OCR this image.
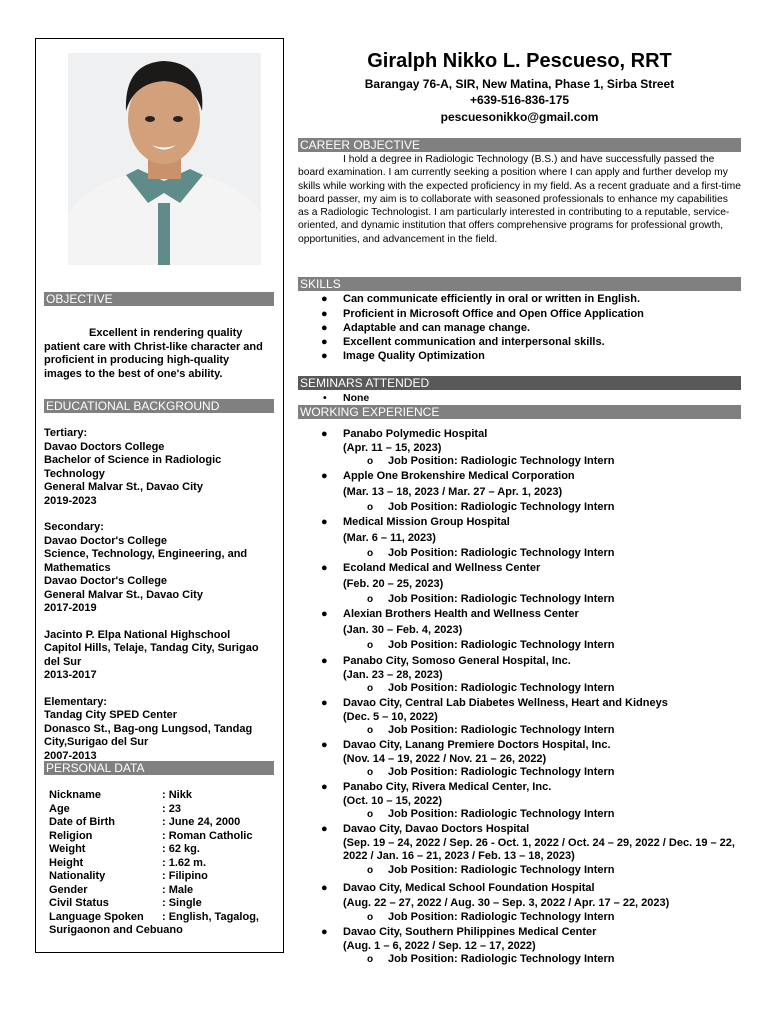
OBJECTIVE
Excellent in rendering quality patient care with Christ-like character and proficient in producing high-quality images to the best of one's ability.
EDUCATIONAL BACKGROUND
Tertiary:
Davao Doctors College
Bachelor of Science in Radiologic Technology
General Malvar St., Davao City
2019-2023
Secondary:
Davao Doctor's College
Science, Technology, Engineering, and Mathematics
Davao Doctor's College
General Malvar St., Davao City
2017-2019
Jacinto P. Elpa National Highschool
Capitol Hills, Telaje, Tandag City, Surigao del Sur
2013-2017
Elementary:
Tandag City SPED Center
Donasco St., Bag-ong Lungsod, Tandag City,Surigao del Sur
2007-2013
PERSONAL DATA
Nickname	: Nikk
Age	: 23
Date of Birth	: June 24, 2000
Religion	: Roman Catholic
Weight	: 62 kg.
Height	: 1.62 m.
Nationality	: Filipino
Gender	: Male
Civil Status	: Single
Language Spoken	: English, Tagalog,
Surigaonon and Cebuano
Giralph Nikko L. Pescueso, RRT
Barangay 76-A, SIR, New Matina, Phase 1, Sirba Street
+639-516-836-175
pescuesonikko@gmail.com
CAREER OBJECTIVE
I hold a degree in Radiologic Technology (B.S.) and have successfully passed the board examination. I am currently seeking a position where I can apply and further develop my skills while working with the expected proficiency in my field. As a recent graduate and a first-time board passer, my aim is to collaborate with seasoned professionals to enhance my capabilities as a Radiologic Technologist. I am particularly interested in contributing to a reputable, service-oriented, and dynamic institution that offers comprehensive programs for professional growth, opportunities, and advancement in the field.
SKILLS
● Can communicate efficiently in oral or written in English.
● Proficient in Microsoft Office and Open Office Application
● Adaptable and can manage change.
● Excellent communication and interpersonal skills.
● Image Quality Optimization
SEMINARS ATTENDED
• None
WORKING EXPERIENCE
● Panabo Polymedic Hospital
(Apr. 11 – 15, 2023)
o Job Position: Radiologic Technology Intern
● Apple One Brokenshire Medical Corporation
(Mar. 13 – 18, 2023 / Mar. 27 – Apr. 1, 2023)
o Job Position: Radiologic Technology Intern
● Medical Mission Group Hospital
(Mar. 6 – 11, 2023)
o Job Position: Radiologic Technology Intern
● Ecoland Medical and Wellness Center
(Feb. 20 – 25, 2023)
o Job Position: Radiologic Technology Intern
● Alexian Brothers Health and Wellness Center
(Jan. 30 – Feb. 4, 2023)
o Job Position: Radiologic Technology Intern
● Panabo City, Somoso General Hospital, Inc.
(Jan. 23 – 28, 2023)
o Job Position: Radiologic Technology Intern
● Davao City, Central Lab Diabetes Wellness, Heart and Kidneys
(Dec. 5 – 10, 2022)
o Job Position: Radiologic Technology Intern
● Davao City, Lanang Premiere Doctors Hospital, Inc.
(Nov. 14 – 19, 2022 / Nov. 21 – 26, 2022)
o Job Position: Radiologic Technology Intern
● Panabo City, Rivera Medical Center, Inc.
(Oct. 10 – 15, 2022)
o Job Position: Radiologic Technology Intern
● Davao City, Davao Doctors Hospital
(Sep. 19 – 24, 2022 / Sep. 26 - Oct. 1, 2022 / Oct. 24 – 29, 2022 / Dec. 19 – 22, 2022 / Jan. 16 – 21, 2023 / Feb. 13 – 18, 2023)
o Job Position: Radiologic Technology Intern
● Davao City, Medical School Foundation Hospital
(Aug. 22 – 27, 2022 / Aug. 30 – Sep. 3, 2022 / Apr. 17 – 22, 2023)
o Job Position: Radiologic Technology Intern
● Davao City, Southern Philippines Medical Center
(Aug. 1 – 6, 2022 / Sep. 12 – 17, 2022)
o Job Position: Radiologic Technology Intern
